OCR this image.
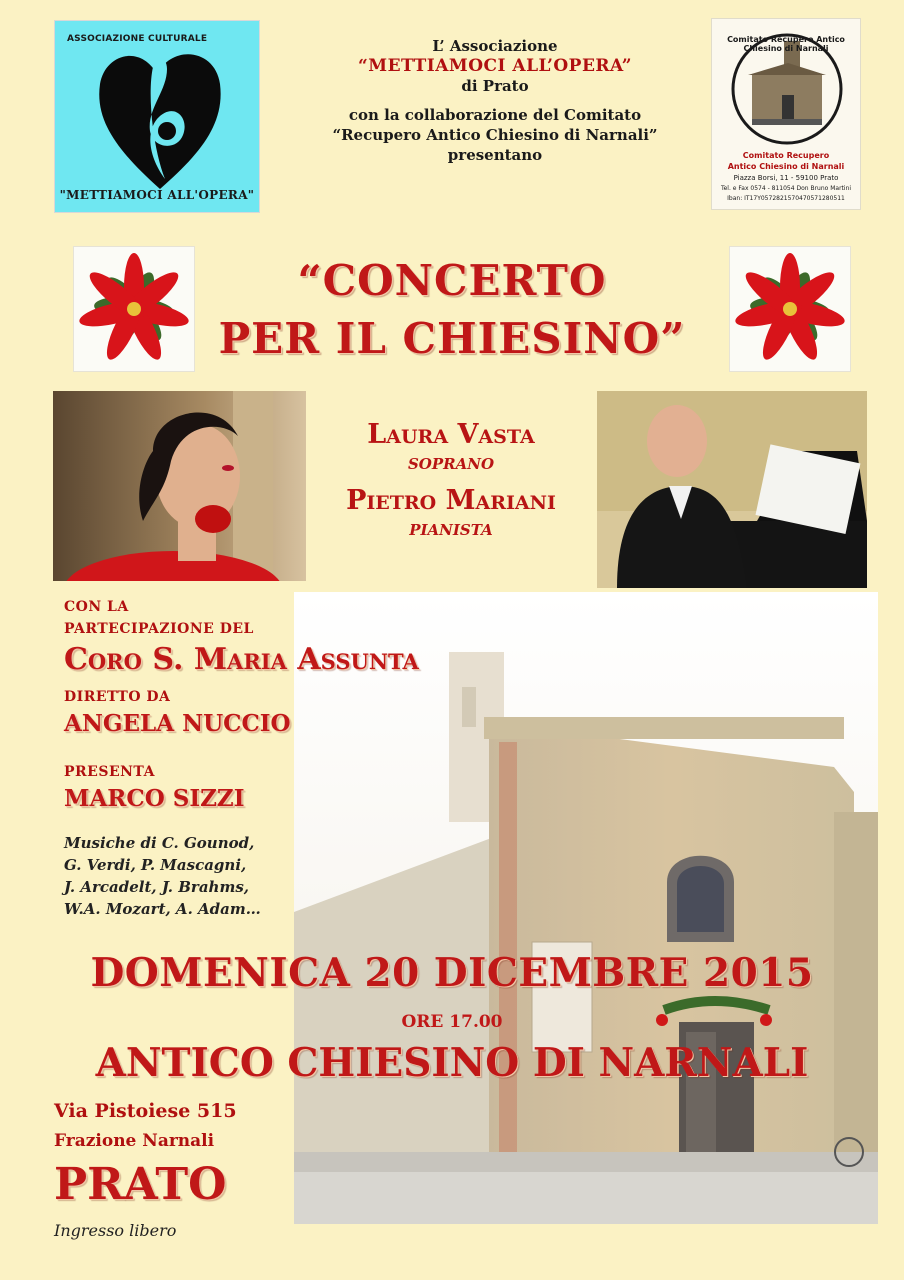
ASSOCIAZIONE CULTURALE
"METTIAMOCI ALL'OPERA"
L’ Associazione
“METTIAMOCI ALL’OPERA”
di Prato
con la collaborazione del Comitato
“Recupero Antico Chiesino di Narnali”
presentano
Comitato Recupero Antico Chiesino di Narnali
Comitato Recupero
Antico Chiesino di Narnali
Piazza Borsi, 11 - 59100 Prato
Tel. e Fax 0574 - 811054 Don Bruno Martini
Iban: IT17Y0572821570470571280511
“CONCERTO
PER IL CHIESINO”
Laura Vasta
SOPRANO
Pietro Mariani
PIANISTA
CON LA
PARTECIPAZIONE DEL
Coro S. Maria Assunta
DIRETTO DA
ANGELA NUCCIO
PRESENTA
MARCO SIZZI
Musiche di C. Gounod,
G. Verdi, P. Mascagni,
J. Arcadelt, J. Brahms,
W.A. Mozart, A. Adam…
DOMENICA 20 DICEMBRE 2015
ORE 17.00
ANTICO CHIESINO DI NARNALI
Via Pistoiese 515
Frazione Narnali
PRATO
Ingresso libero
